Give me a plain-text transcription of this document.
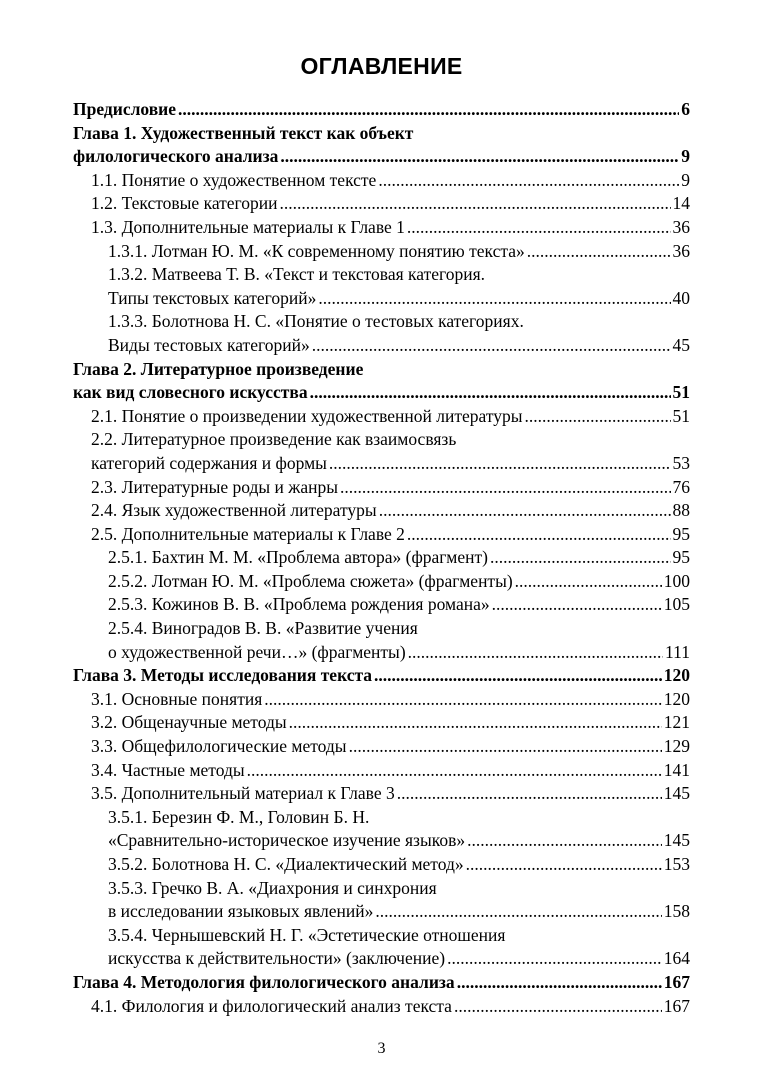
ОГЛАВЛЕНИЕ
Предисловие .....	6
Глава 1. Художественный текст как объект
филологического анализа .....	9
1.1. Понятие о художественном тексте .....	9
1.2. Текстовые категории .....	14
1.3. Дополнительные материалы к Главе 1 .....	36
1.3.1. Лотман Ю. М. «К современному понятию текста» .....	36
1.3.2. Матвеева Т. В. «Текст и текстовая категория.
Типы текстовых категорий» .....	40
1.3.3. Болотнова Н. С. «Понятие о тестовых категориях.
Виды тестовых категорий» .....	45
Глава 2. Литературное произведение
как вид словесного искусства .....	51
2.1. Понятие о произведении художественной литературы .....	51
2.2. Литературное произведение как взаимосвязь
категорий содержания и формы .....	53
2.3. Литературные роды и жанры .....	76
2.4. Язык художественной литературы .....	88
2.5. Дополнительные материалы к Главе 2 .....	95
2.5.1. Бахтин М. М. «Проблема автора» (фрагмент) .....	95
2.5.2. Лотман Ю. М. «Проблема сюжета» (фрагменты) .....	100
2.5.3. Кожинов В. В. «Проблема рождения романа» .....	105
2.5.4. Виноградов В. В. «Развитие учения
о художественной речи…» (фрагменты) .....	111
Глава 3. Методы исследования текста .....	120
3.1. Основные понятия .....	120
3.2. Общенаучные методы .....	121
3.3. Общефилологические методы .....	129
3.4. Частные методы .....	141
3.5. Дополнительный материал к Главе 3 .....	145
3.5.1. Березин Ф. М., Головин Б. Н.
«Сравнительно-историческое изучение языков» .....	145
3.5.2. Болотнова Н. С. «Диалектический метод» .....	153
3.5.3. Гречко В. А. «Диахрония и синхрония
в исследовании языковых явлений» .....	158
3.5.4. Чернышевский Н. Г. «Эстетические отношения
искусства к действительности» (заключение) .....	164
Глава 4. Методология филологического анализа .....	167
4.1. Филология и филологический анализ текста .....	167
3
